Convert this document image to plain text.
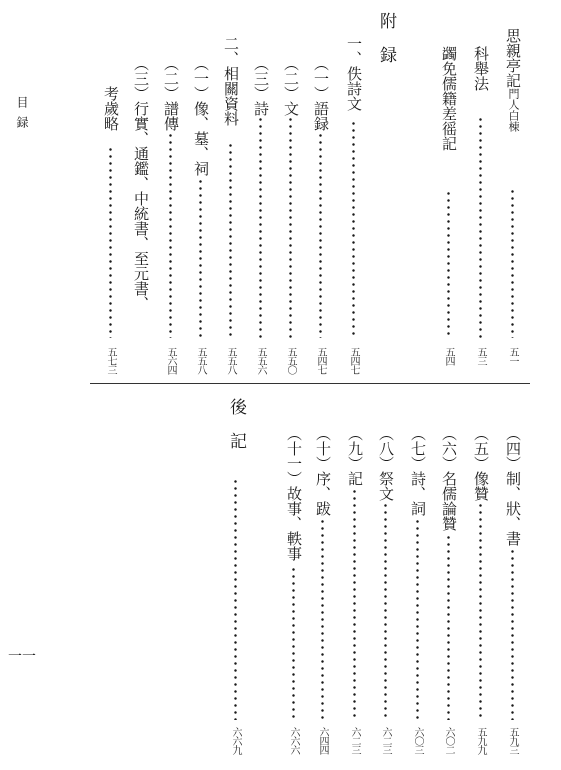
目録
一一
思親亭記門人白棟
五一
科舉法
五三
蠲免儒籍差徭記
五四
附　録
一、佚詩文
五四七
（一）語録
五四七
（二）文
五五〇
（三）詩
五五六
二、相關資料
五五八
（一）像、墓、祠
五五八
（二）譜傳
五六四
（三）行實、通鑑、中統書、至元書、
考歲略
五七三
（四）制、狀、書
五九三
（五）像贊
五九九
（六）名儒論贊
六〇二
（七）詩、詞
六〇三
（八）祭文
六二三
（九）記
六二三
（十）序、跋
六四四
（十一）故事、軼事
六六六
後　記
六六九
